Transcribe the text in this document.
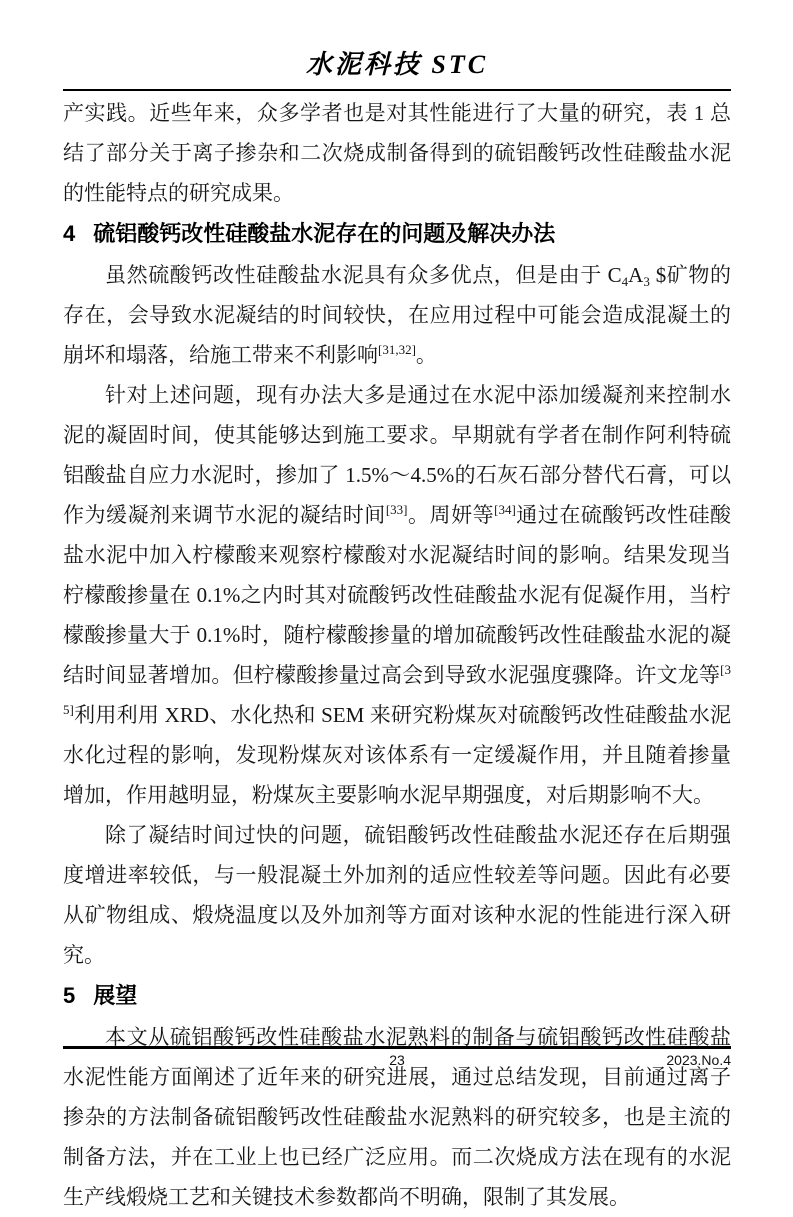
水泥科技 STC

产实践。近些年来，众多学者也是对其性能进行了大量的研究，表 1 总结了部分关于离子掺杂和二次烧成制备得到的硫铝酸钙改性硅酸盐水泥的性能特点的研究成果。

4 硫铝酸钙改性硅酸盐水泥存在的问题及解决办法

虽然硫酸钙改性硅酸盐水泥具有众多优点，但是由于 $C_4A_3$ $矿物的存在，会导致水泥凝结的时间较快，在应用过程中可能会造成混凝土的崩坏和塌落，给施工带来不利影响[31,32]。

针对上述问题，现有办法大多是通过在水泥中添加缓凝剂来控制水泥的凝固时间，使其能够达到施工要求。早期就有学者在制作阿利特硫铝酸盐自应力水泥时，掺加了 1.5%～4.5%的石灰石部分替代石膏，可以作为缓凝剂来调节水泥的凝结时间[33]。周妍等[34]通过在硫酸钙改性硅酸盐水泥中加入柠檬酸来观察柠檬酸对水泥凝结时间的影响。结果发现当柠檬酸掺量在 0.1%之内时其对硫酸钙改性硅酸盐水泥有促凝作用，当柠檬酸掺量大于 0.1%时，随柠檬酸掺量的增加硫酸钙改性硅酸盐水泥的凝结时间显著增加。但柠檬酸掺量过高会到导致水泥强度骤降。许文龙等[35]利用利用 XRD、水化热和 SEM 来研究粉煤灰对硫酸钙改性硅酸盐水泥水化过程的影响，发现粉煤灰对该体系有一定缓凝作用，并且随着掺量增加，作用越明显，粉煤灰主要影响水泥早期强度，对后期影响不大。

除了凝结时间过快的问题，硫铝酸钙改性硅酸盐水泥还存在后期强度增进率较低，与一般混凝土外加剂的适应性较差等问题。因此有必要从矿物组成、煅烧温度以及外加剂等方面对该种水泥的性能进行深入研究。

5 展望

本文从硫铝酸钙改性硅酸盐水泥熟料的制备与硫铝酸钙改性硅酸盐水泥性能方面阐述了近年来的研究进展，通过总结发现，目前通过离子掺杂的方法制备硫铝酸钙改性硅酸盐水泥熟料的研究较多，也是主流的制备方法，并在工业上也已经广泛应用。而二次烧成方法在现有的水泥生产线煅烧工艺和关键技术参数都尚不明确，限制了其发展。

23	2023.No.4
